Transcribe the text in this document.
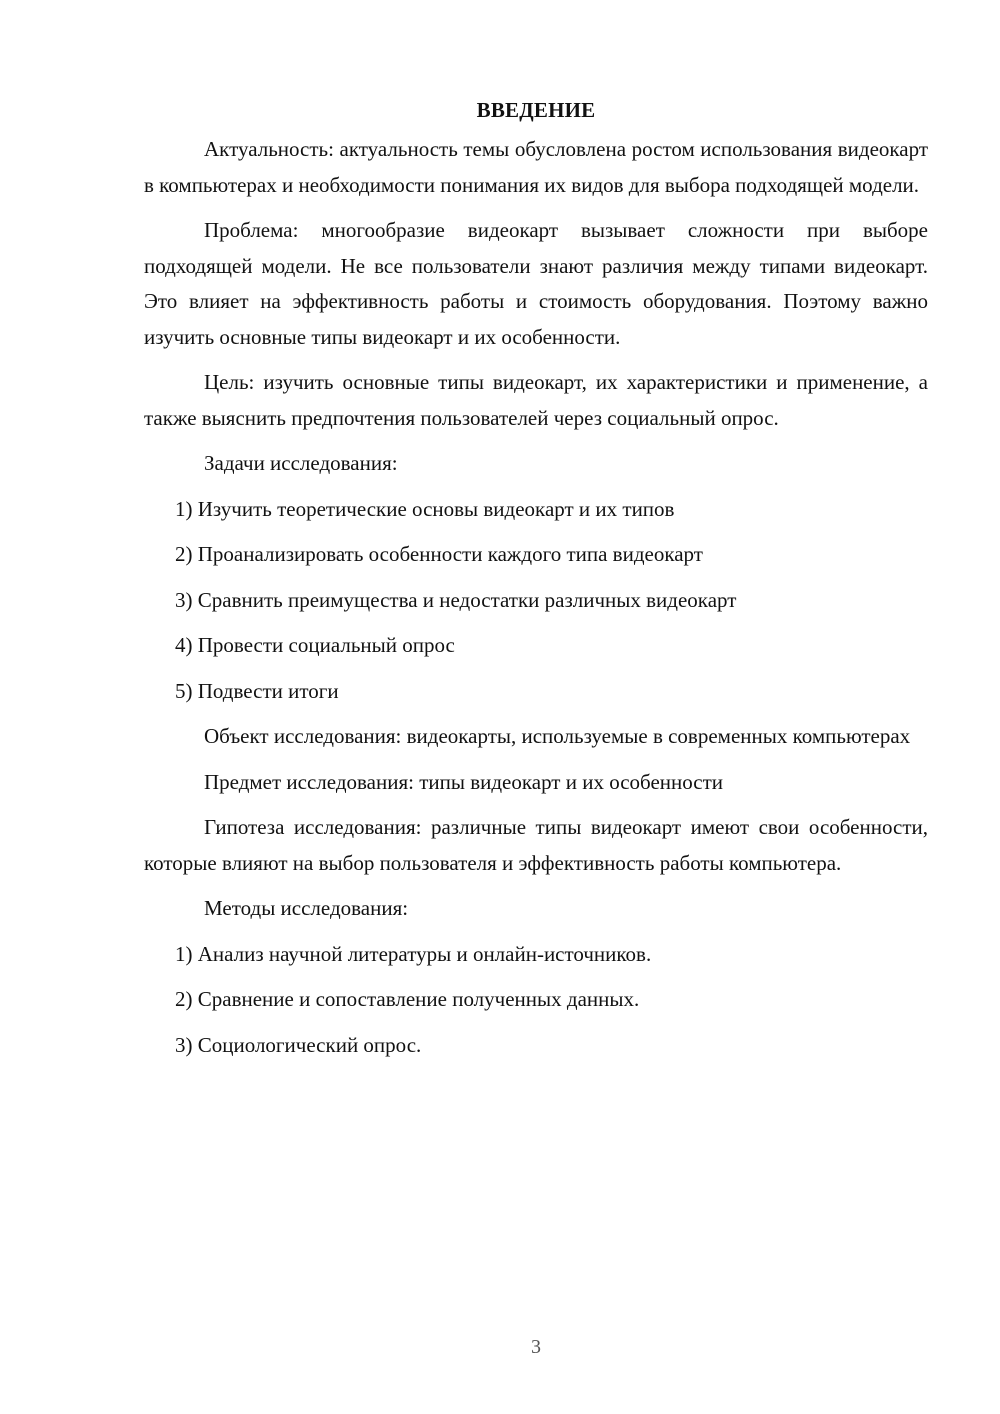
ВВЕДЕНИЕ

Актуальность: актуальность темы обусловлена ростом использования видеокарт в компьютерах и необходимости понимания их видов для выбора подходящей модели.

Проблема: многообразие видеокарт вызывает сложности при выборе подходящей модели. Не все пользователи знают различия между типами видеокарт. Это влияет на эффективность работы и стоимость оборудования. Поэтому важно изучить основные типы видеокарт и их особенности.

Цель: изучить основные типы видеокарт, их характеристики и применение, а также выяснить предпочтения пользователей через социальный опрос.

Задачи исследования:

1) Изучить теоретические основы видеокарт и их типов
2) Проанализировать особенности каждого типа видеокарт
3) Сравнить преимущества и недостатки различных видеокарт
4) Провести социальный опрос
5) Подвести итоги

Объект исследования: видеокарты, используемые в современных компьютерах

Предмет исследования: типы видеокарт и их особенности

Гипотеза исследования: различные типы видеокарт имеют свои особенности, которые влияют на выбор пользователя и эффективность работы компьютера.

Методы исследования:

1) Анализ научной литературы и онлайн-источников.
2) Сравнение и сопоставление полученных данных.
3) Социологический опрос.
3
